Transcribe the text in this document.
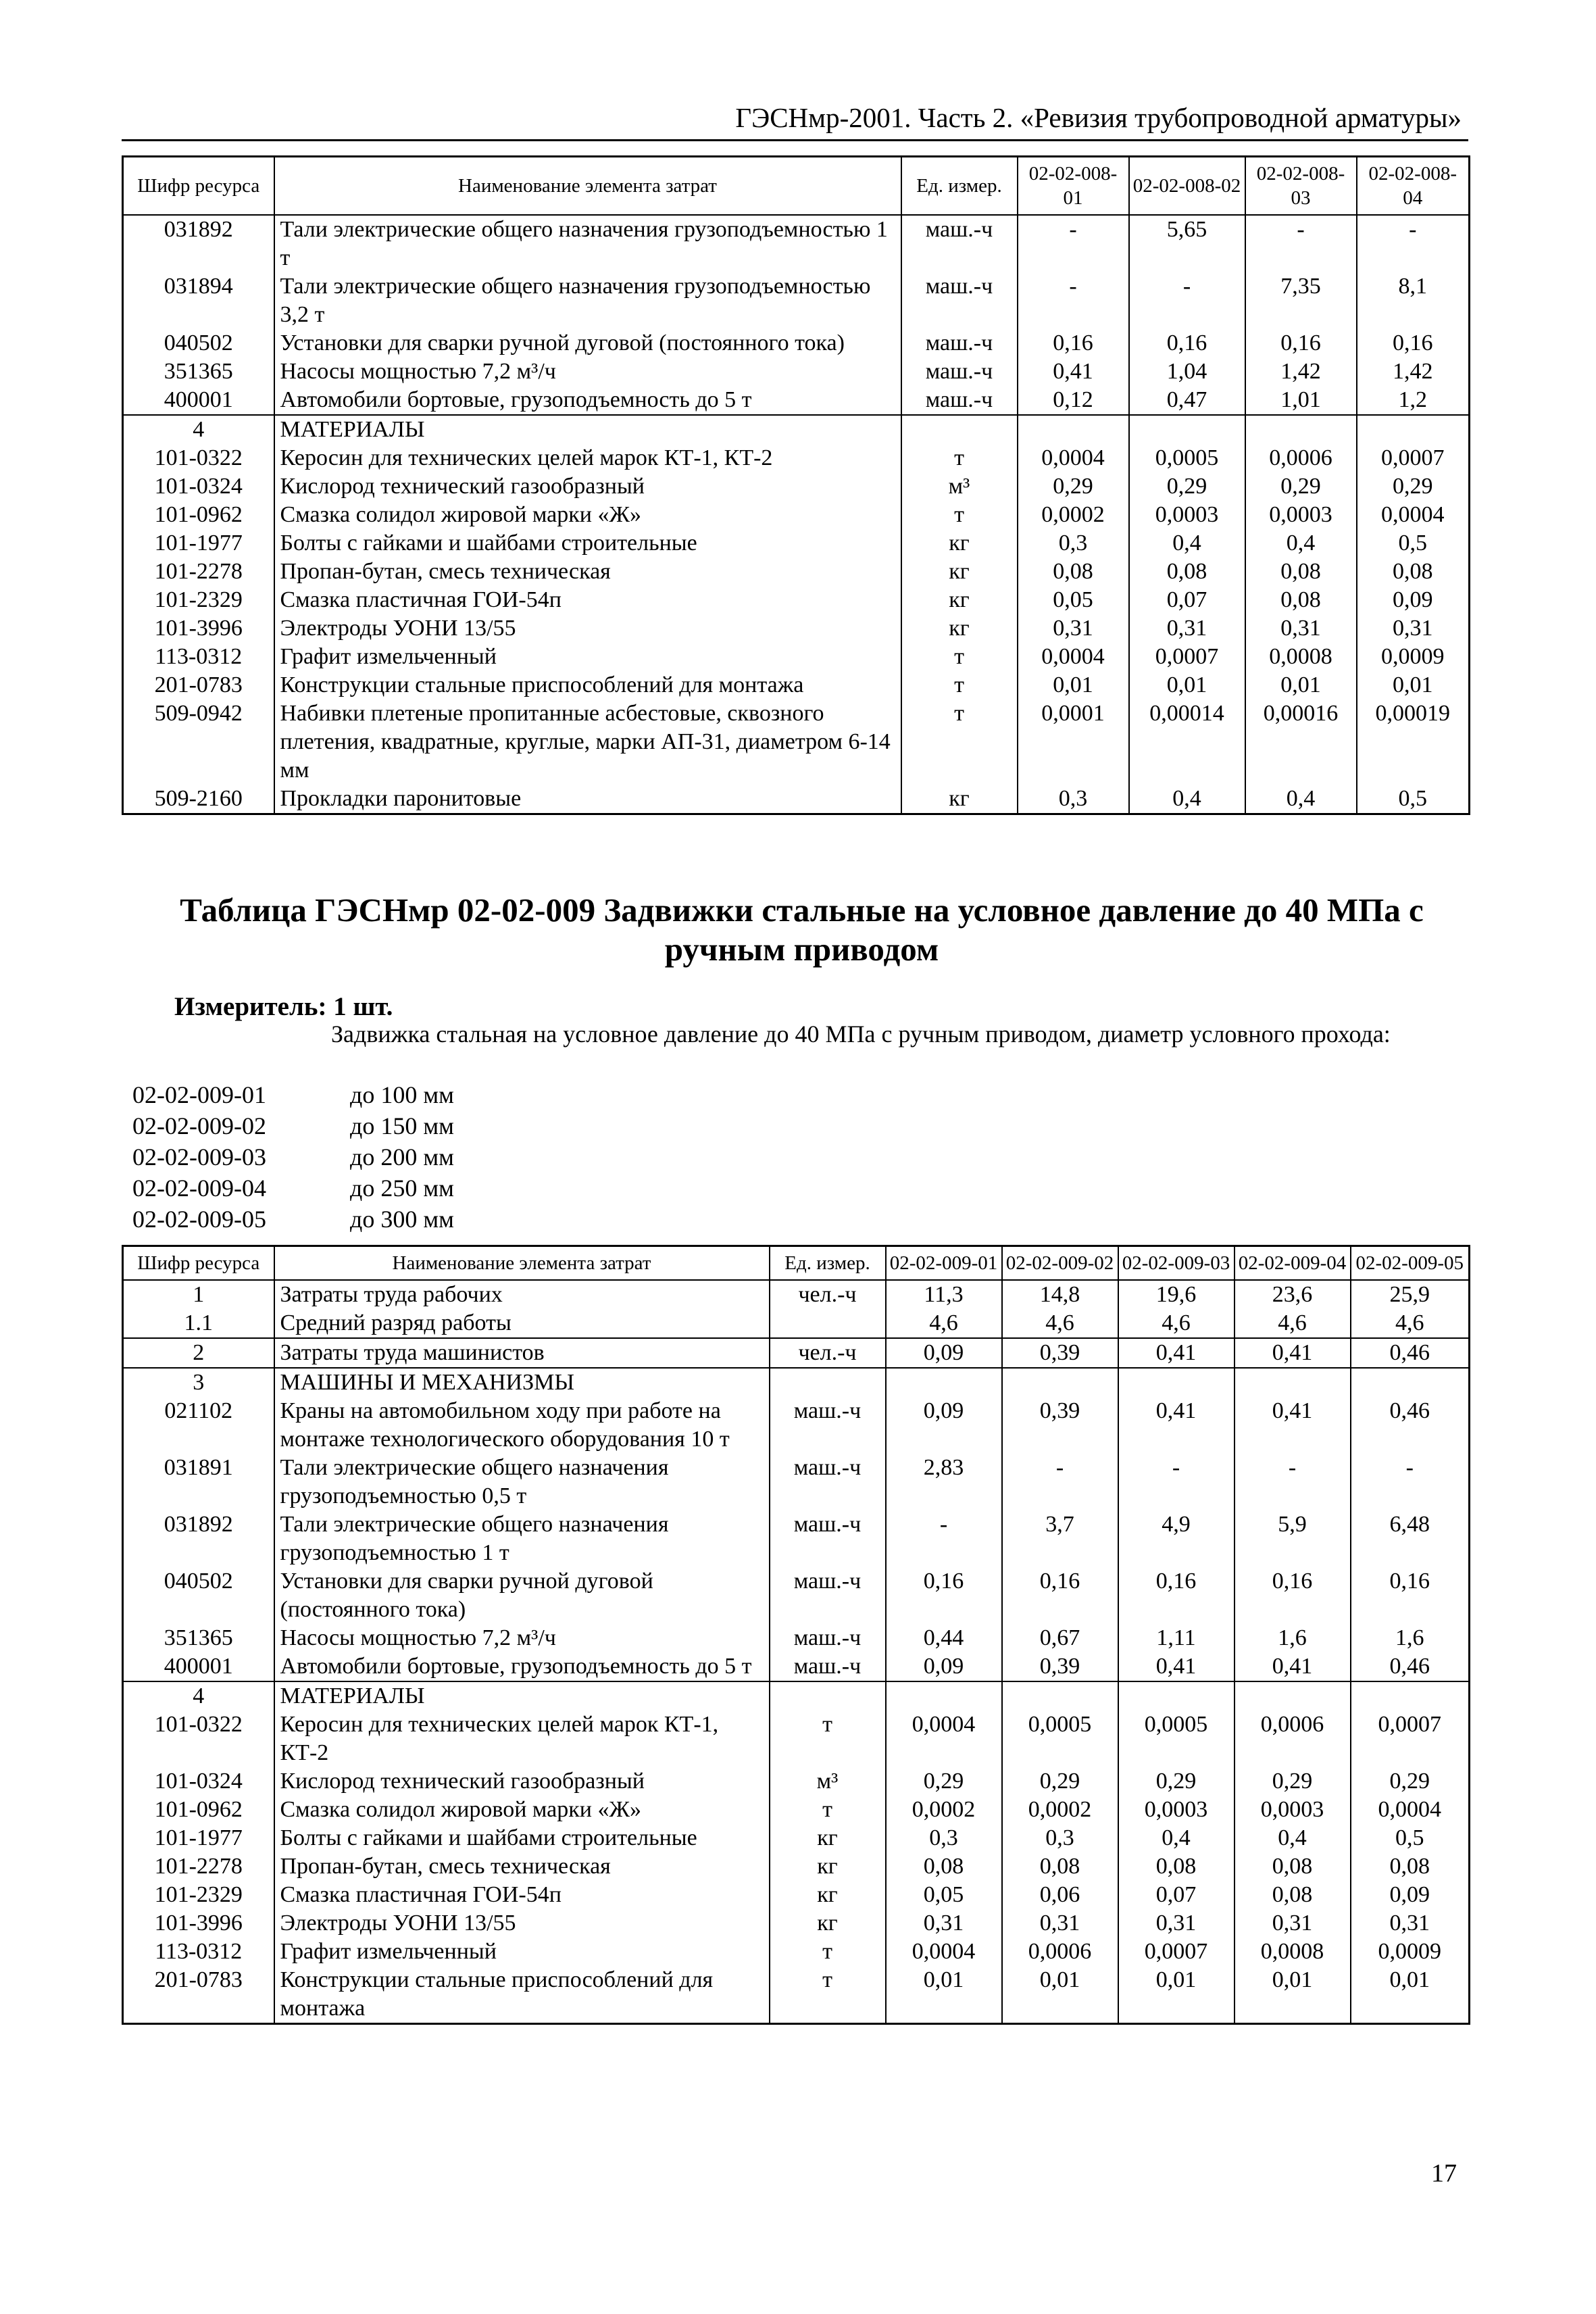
ГЭСНмр-2001. Часть 2. «Ревизия трубопроводной арматуры»
Шифр ресурса	Наименование элемента затрат	Ед. измер.	02-02-008-01	02-02-008-02	02-02-008-03	02-02-008-04
031892	Тали электрические общего назначения грузоподъемностью 1 т	маш.-ч	-	5,65	-	-
031894	Тали электрические общего назначения грузоподъемностью 3,2 т	маш.-ч	-	-	7,35	8,1
040502	Установки для сварки ручной дуговой (постоянного тока)	маш.-ч	0,16	0,16	0,16	0,16
351365	Насосы мощностью 7,2 м³/ч	маш.-ч	0,41	1,04	1,42	1,42
400001	Автомобили бортовые, грузоподъемность до 5 т	маш.-ч	0,12	0,47	1,01	1,2
4	МАТЕРИАЛЫ					
101-0322	Керосин для технических целей марок КТ-1, КТ-2	т	0,0004	0,0005	0,0006	0,0007
101-0324	Кислород технический газообразный	м³	0,29	0,29	0,29	0,29
101-0962	Смазка солидол жировой марки «Ж»	т	0,0002	0,0003	0,0003	0,0004
101-1977	Болты с гайками и шайбами строительные	кг	0,3	0,4	0,4	0,5
101-2278	Пропан-бутан, смесь техническая	кг	0,08	0,08	0,08	0,08
101-2329	Смазка пластичная ГОИ-54п	кг	0,05	0,07	0,08	0,09
101-3996	Электроды УОНИ 13/55	кг	0,31	0,31	0,31	0,31
113-0312	Графит измельченный	т	0,0004	0,0007	0,0008	0,0009
201-0783	Конструкции стальные приспособлений для монтажа	т	0,01	0,01	0,01	0,01
509-0942	Набивки плетеные пропитанные асбестовые, сквозного плетения, квадратные, круглые, марки АП-31, диаметром 6-14 мм	т	0,0001	0,00014	0,00016	0,00019
509-2160	Прокладки паронитовые	кг	0,3	0,4	0,4	0,5
Таблица ГЭСНмр 02-02-009 Задвижки стальные на условное давление до 40 МПа с ручным приводом
Измеритель: 1 шт.
Задвижка стальная на условное давление до 40 МПа с ручным приводом, диаметр условного прохода:
02-02-009-01	до 100 мм
02-02-009-02	до 150 мм
02-02-009-03	до 200 мм
02-02-009-04	до 250 мм
02-02-009-05	до 300 мм
Шифр ресурса	Наименование элемента затрат	Ед. измер.	02-02-009-01	02-02-009-02	02-02-009-03	02-02-009-04	02-02-009-05
1	Затраты труда рабочих	чел.-ч	11,3	14,8	19,6	23,6	25,9
1.1	Средний разряд работы		4,6	4,6	4,6	4,6	4,6
2	Затраты труда машинистов	чел.-ч	0,09	0,39	0,41	0,41	0,46
3	МАШИНЫ И МЕХАНИЗМЫ						
021102	Краны на автомобильном ходу при работе на монтаже технологического оборудования 10 т	маш.-ч	0,09	0,39	0,41	0,41	0,46
031891	Тали электрические общего назначения грузоподъемностью 0,5 т	маш.-ч	2,83	-	-	-	-
031892	Тали электрические общего назначения грузоподъемностью 1 т	маш.-ч	-	3,7	4,9	5,9	6,48
040502	Установки для сварки ручной дуговой (постоянного тока)	маш.-ч	0,16	0,16	0,16	0,16	0,16
351365	Насосы мощностью 7,2 м³/ч	маш.-ч	0,44	0,67	1,11	1,6	1,6
400001	Автомобили бортовые, грузоподъемность до 5 т	маш.-ч	0,09	0,39	0,41	0,41	0,46
4	МАТЕРИАЛЫ						
101-0322	Керосин для технических целей марок КТ-1, КТ-2	т	0,0004	0,0005	0,0005	0,0006	0,0007
101-0324	Кислород технический газообразный	м³	0,29	0,29	0,29	0,29	0,29
101-0962	Смазка солидол жировой марки «Ж»	т	0,0002	0,0002	0,0003	0,0003	0,0004
101-1977	Болты с гайками и шайбами строительные	кг	0,3	0,3	0,4	0,4	0,5
101-2278	Пропан-бутан, смесь техническая	кг	0,08	0,08	0,08	0,08	0,08
101-2329	Смазка пластичная ГОИ-54п	кг	0,05	0,06	0,07	0,08	0,09
101-3996	Электроды УОНИ 13/55	кг	0,31	0,31	0,31	0,31	0,31
113-0312	Графит измельченный	т	0,0004	0,0006	0,0007	0,0008	0,0009
201-0783	Конструкции стальные приспособлений для монтажа	т	0,01	0,01	0,01	0,01	0,01
17
